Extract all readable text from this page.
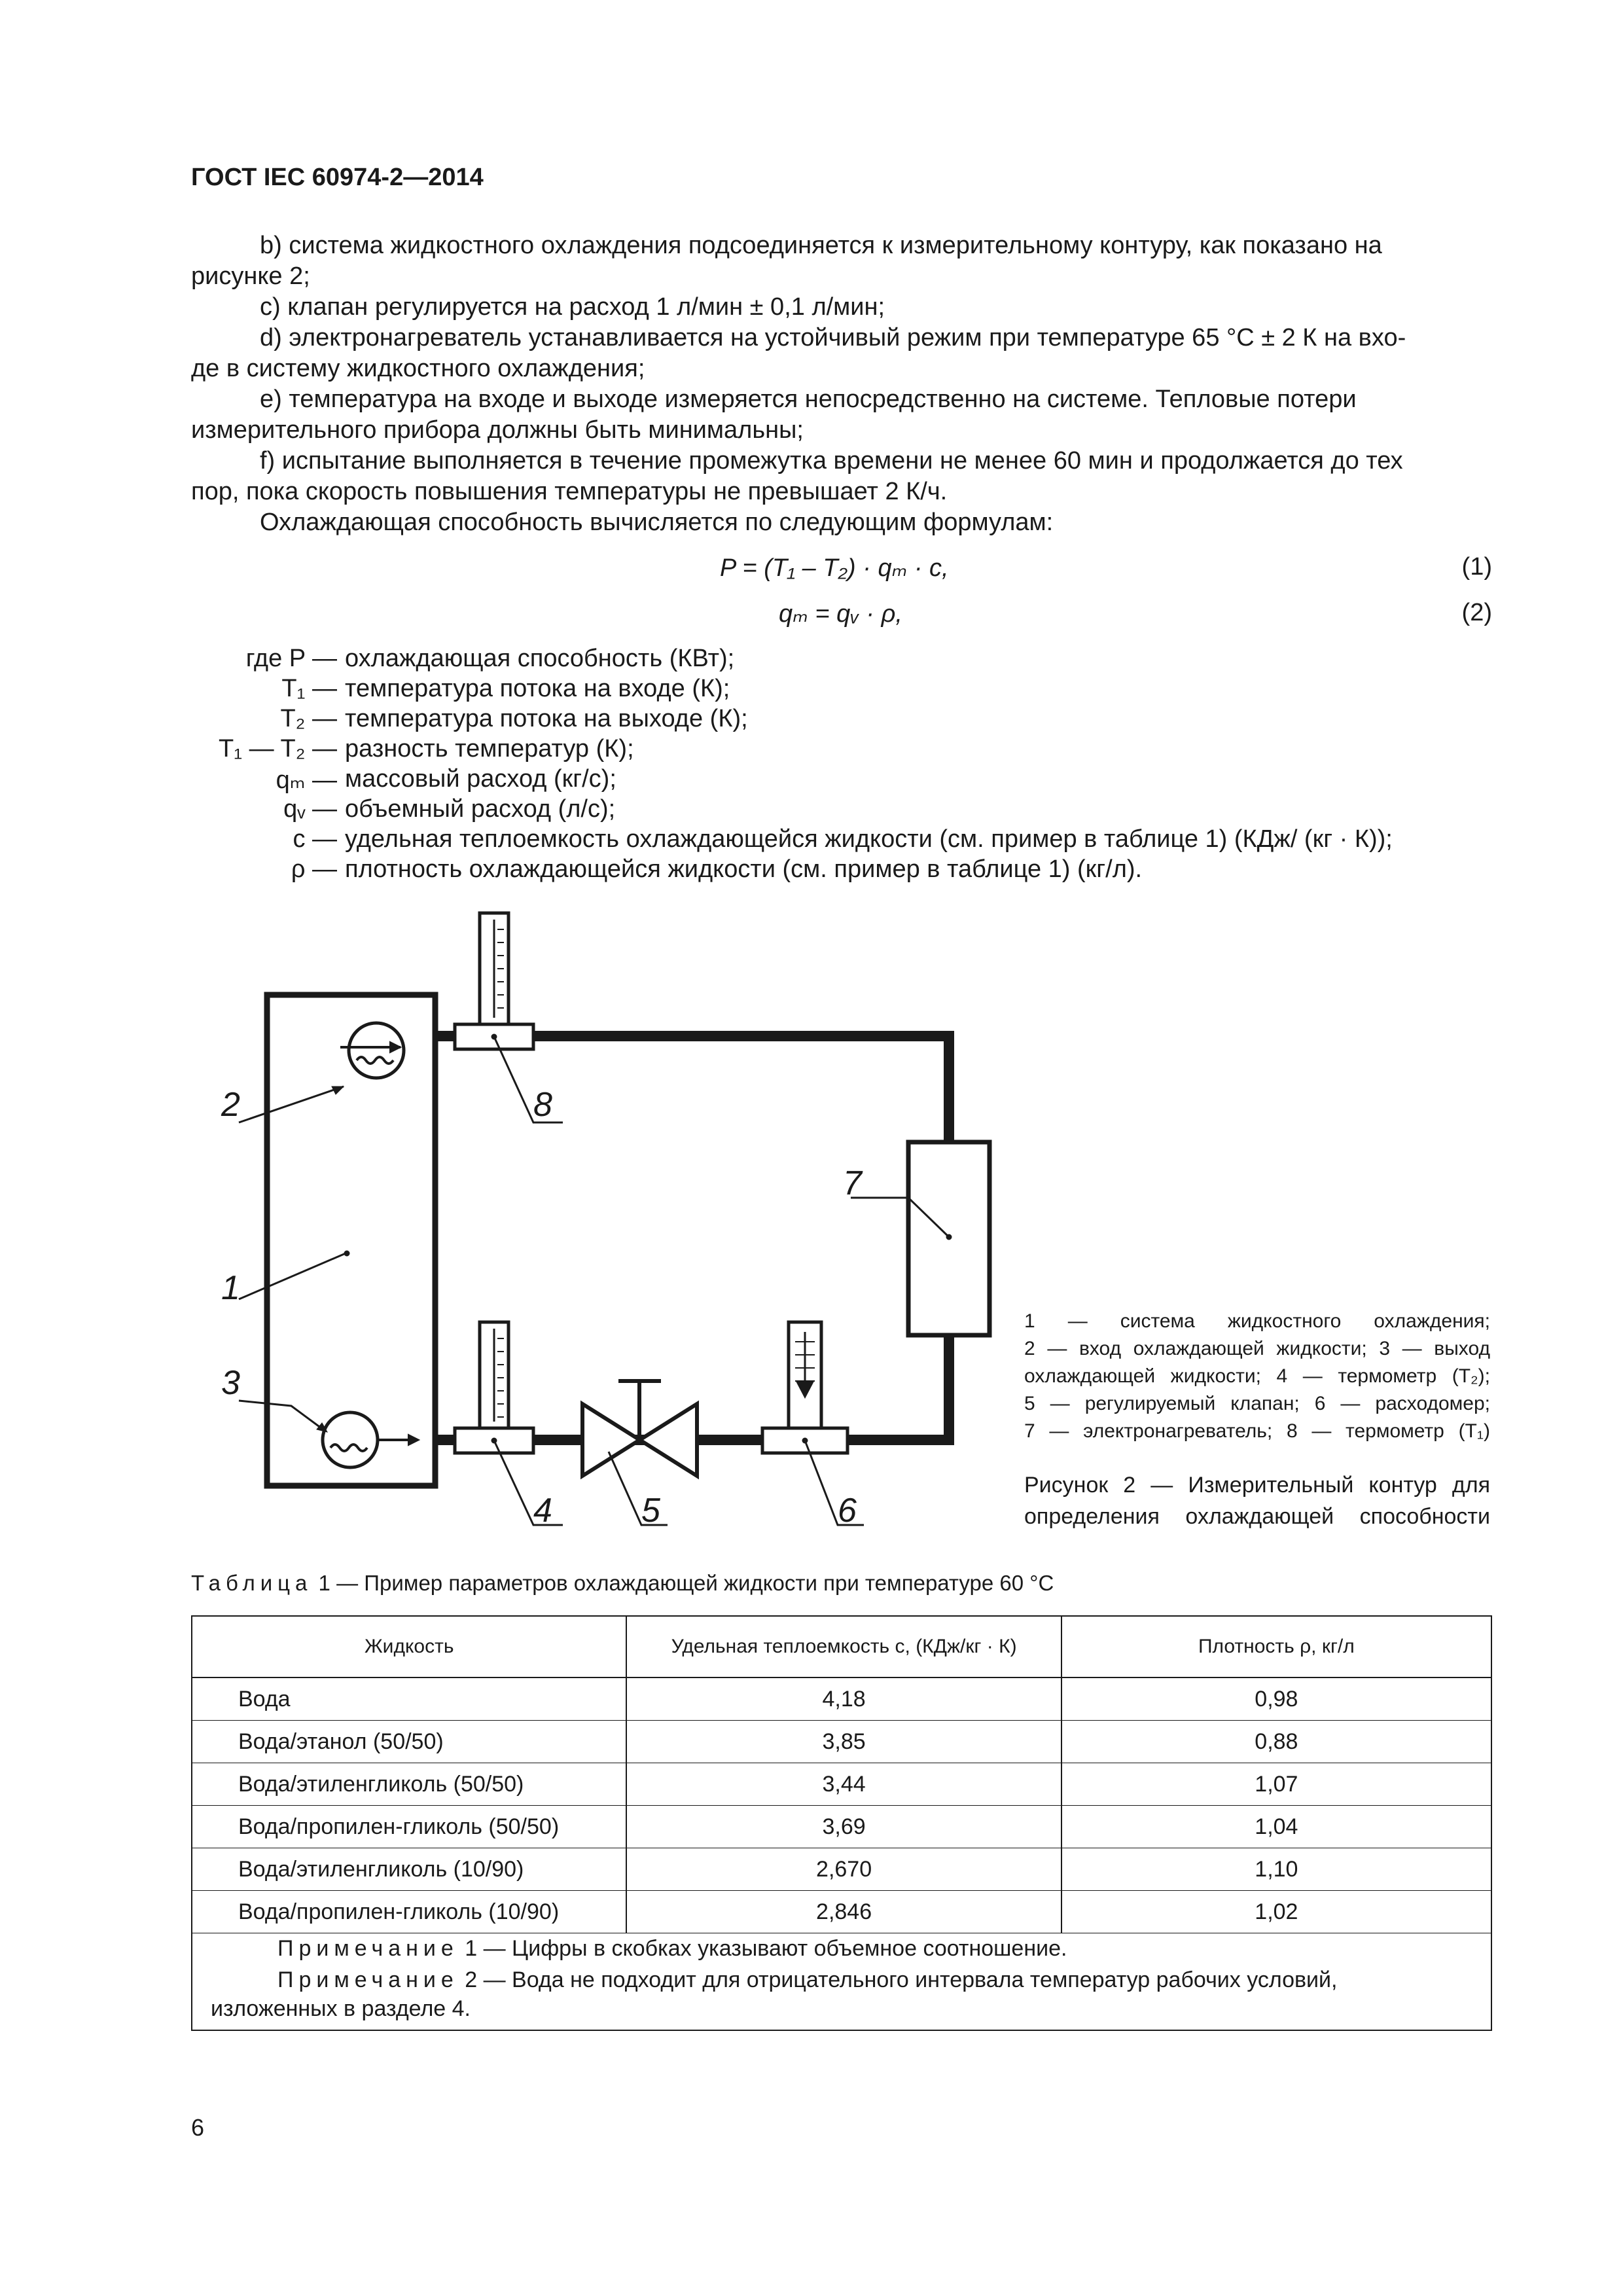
ГОСТ IEC 60974-2—2014
b) система жидкостного охлаждения подсоединяется к измерительному контуру, как показано на
рисунке 2;
c) клапан регулируется на расход 1 л/мин ± 0,1 л/мин;
d) электронагреватель устанавливается на устойчивый режим при температуре 65 °C ± 2 К на вхо-
де в систему жидкостного охлаждения;
e) температура на входе и выходе измеряется непосредственно на системе. Тепловые потери
измерительного прибора должны быть минимальны;
f) испытание выполняется в течение промежутка времени не менее 60 мин и продолжается до тех
пор, пока скорость повышения температуры не превышает 2 К/ч.
Охлаждающая способность вычисляется по следующим формулам:
P = (T₁ – T₂) · qₘ · c,	(1)
qₘ = qᵥ · ρ,	(2)
где P — охлаждающая способность (КВт);
T₁ — температура потока на входе (К);
T₂ — температура потока на выходе (К);
T₁ — T₂ — разность температур (К);
qₘ — массовый расход (кг/с);
qᵥ — объемный расход (л/с);
c — удельная теплоемкость охлаждающейся жидкости (см. пример в таблице 1) (КДж/ (кг · К));
ρ — плотность охлаждающейся жидкости (см. пример в таблице 1) (кг/л).
2
1
3
8
7
4	5	6
1 — система жидкостного охлаждения;
2 — вход охлаждающей жидкости; 3 — выход
охлаждающей жидкости; 4 — термометр (T₂);
5 — регулируемый клапан; 6 — расходомер;
7 — электронагреватель; 8 — термометр (T₁)
Рисунок 2 — Измерительный контур для
определения охлаждающей способности
Таблица 1 — Пример параметров охлаждающей жидкости при температуре 60 °C
Жидкость	Удельная теплоемкость c, (КДж/кг · К)	Плотность ρ, кг/л
Вода	4,18	0,98
Вода/этанол (50/50)	3,85	0,88
Вода/этиленгликоль (50/50)	3,44	1,07
Вода/пропилен-гликоль (50/50)	3,69	1,04
Вода/этиленгликоль (10/90)	2,670	1,10
Вода/пропилен-гликоль (10/90)	2,846	1,02
Примечание 1 — Цифры в скобках указывают объемное соотношение.
Примечание 2 — Вода не подходит для отрицательного интервала температур рабочих условий,
изложенных в разделе 4.
6
